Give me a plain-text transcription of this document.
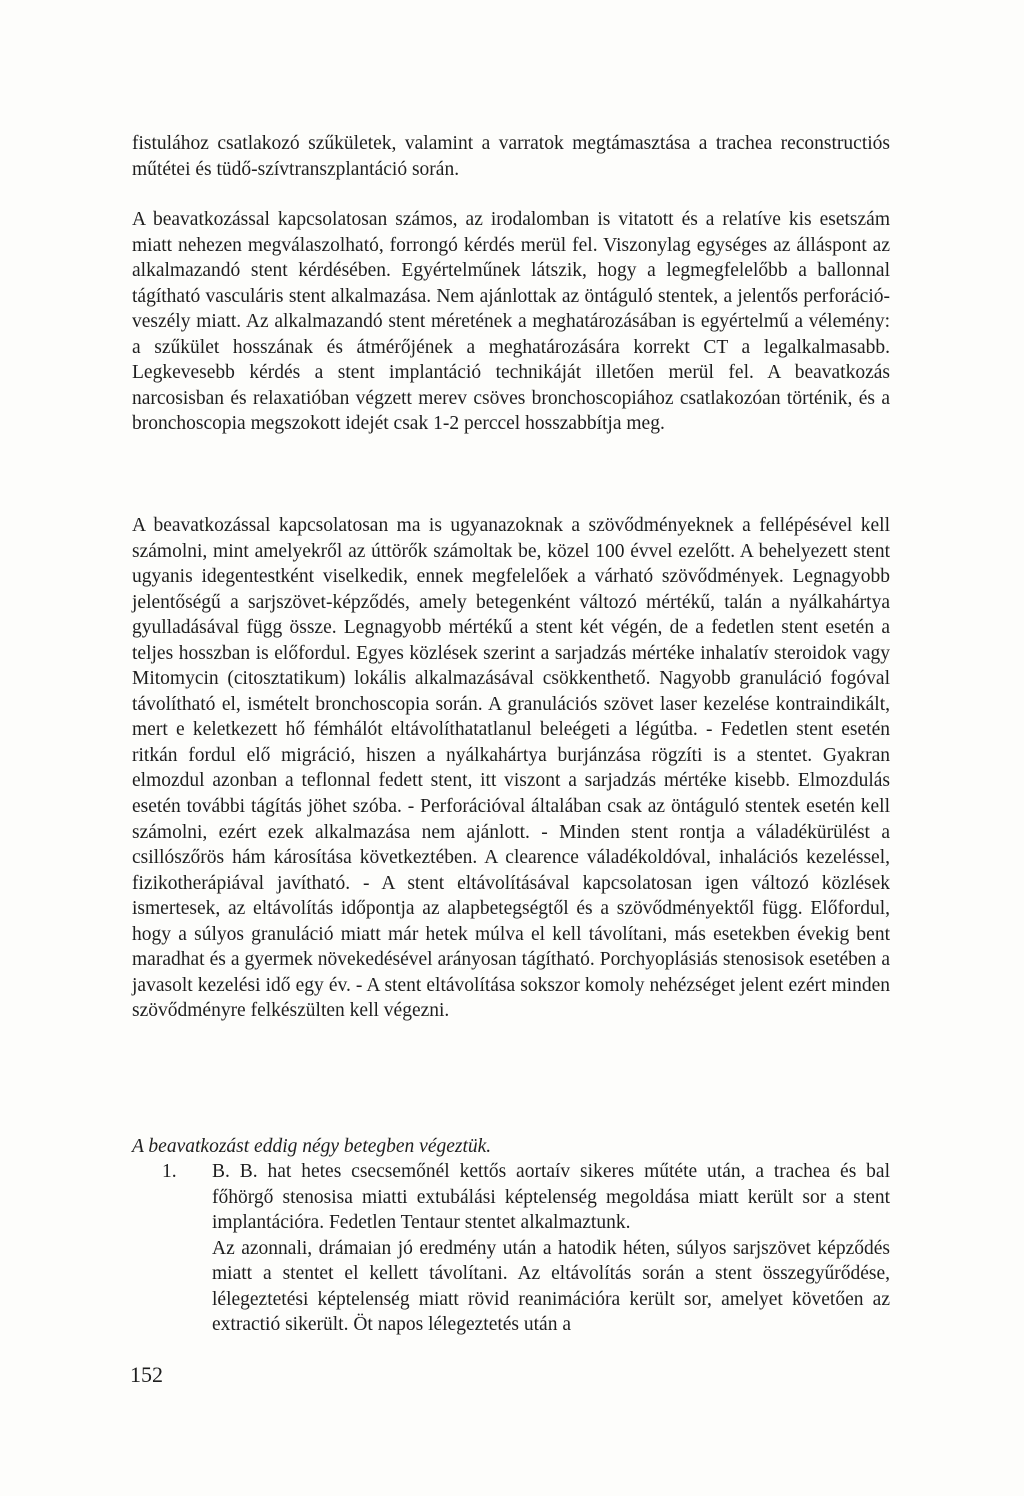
fistulához csatlakozó szűkületek, valamint a varratok megtámasztása a trachea reconstructiós műtétei és tüdő-szívtranszplantáció során.

A beavatkozással kapcsolatosan számos, az irodalomban is vitatott és a relatíve kis esetszám miatt nehezen megválaszolható, forrongó kérdés merül fel. Viszonylag egységes az álláspont az alkalmazandó stent kérdésében. Egyértelműnek látszik, hogy a legmegfelelőbb a ballonnal tágítható vasculáris stent alkalmazása. Nem ajánlottak az öntáguló stentek, a jelentős perforáció-veszély miatt. Az alkalmazandó stent méretének a meghatározásában is egyértelmű a vélemény: a szűkület hosszának és átmérőjének a meghatározására korrekt CT a legalkalmasabb. Legkevesebb kérdés a stent implantáció technikáját illetően merül fel. A beavatkozás narcosisban és relaxatióban végzett merev csöves bronchoscopiához csatlakozóan történik, és a bronchoscopia megszokott idejét csak 1-2 perccel hosszabbítja meg.

A beavatkozással kapcsolatosan ma is ugyanazoknak a szövődményeknek a fellépésével kell számolni, mint amelyekről az úttörők számoltak be, közel 100 évvel ezelőtt. A behelyezett stent ugyanis idegentestként viselkedik, ennek megfelelőek a várható szövődmények. Legnagyobb jelentőségű a sarjszövet-képződés, amely betegenként változó mértékű, talán a nyálkahártya gyulladásával függ össze. Legnagyobb mértékű a stent két végén, de a fedetlen stent esetén a teljes hosszban is előfordul. Egyes közlések szerint a sarjadzás mértéke inhalatív steroidok vagy Mitomycin (citosztatikum) lokális alkalmazásával csökkenthető. Nagyobb granuláció fogóval távolítható el, ismételt bronchoscopia során. A granulációs szövet laser kezelése kontraindikált, mert e keletkezett hő fémhálót eltávolíthatatlanul beleégeti a légútba. - Fedetlen stent esetén ritkán fordul elő migráció, hiszen a nyálkahártya burjánzása rögzíti is a stentet. Gyakran elmozdul azonban a teflonnal fedett stent, itt viszont a sarjadzás mértéke kisebb. Elmozdulás esetén további tágítás jöhet szóba. - Perforációval általában csak az öntáguló stentek esetén kell számolni, ezért ezek alkalmazása nem ajánlott. - Minden stent rontja a váladékürülést a csillószőrös hám károsítása következtében. A clearence váladékoldóval, inhalációs kezeléssel, fizikotherápiával javítható. - A stent eltávolításával kapcsolatosan igen változó közlések ismertesek, az eltávolítás időpontja az alapbetegségtől és a szövődményektől függ. Előfordul, hogy a súlyos granuláció miatt már hetek múlva el kell távolítani, más esetekben évekig bent maradhat és a gyermek növekedésével arányosan tágítható. Porchyoplásiás stenosisok esetében a javasolt kezelési idő egy év. - A stent eltávolítása sokszor komoly nehézséget jelent ezért minden szövődményre felkészülten kell végezni.

A beavatkozást eddig négy betegben végeztük.

1.	B. B. hat hetes csecsemőnél kettős aortaív sikeres műtéte után, a trachea és bal főhörgő stenosisa miatti extubálási képtelenség megoldása miatt került sor a stent implantációra. Fedetlen Tentaur stentet alkalmaztunk.

Az azonnali, drámaian jó eredmény után a hatodik héten, súlyos sarjszövet képződés miatt a stentet el kellett távolítani. Az eltávolítás során a stent összegyűrődése, lélegeztetési képtelenség miatt rövid reanimációra került sor, amelyet követően az extractió sikerült. Öt napos lélegeztetés után a

152
